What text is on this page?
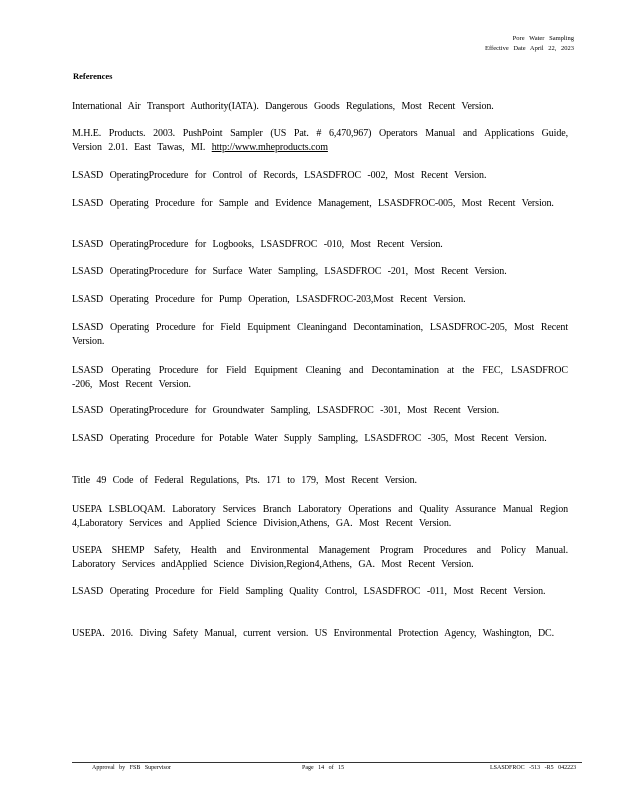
Pore Water Sampling
Effective Date April 22, 2023
References
International Air Transport Authority(IATA). Dangerous Goods Regulations, Most Recent Version.
M.H.E. Products. 2003. PushPoint Sampler (US Pat. # 6,470,967) Operators Manual and Applications Guide, Version 2.01. East Tawas, MI. http://www.mheproducts.com
LSASD OperatingProcedure for Control of Records, LSASDFROC -002, Most Recent Version.
LSASD Operating Procedure for Sample and Evidence Management, LSASDFROC-005, Most Recent Version.
LSASD OperatingProcedure for Logbooks, LSASDFROC -010, Most Recent Version.
LSASD OperatingProcedure for Surface Water Sampling, LSASDFROC -201, Most Recent Version.
LSASD Operating Procedure for Pump Operation, LSASDFROC-203,Most Recent Version.
LSASD Operating Procedure for Field Equipment Cleaningand Decontamination, LSASDFROC-205, Most Recent Version.
LSASD Operating Procedure for Field Equipment Cleaning and Decontamination at the FEC, LSASDFROC -206, Most Recent Version.
LSASD OperatingProcedure for Groundwater Sampling, LSASDFROC -301, Most Recent Version.
LSASD Operating Procedure for Potable Water Supply Sampling, LSASDFROC -305, Most Recent Version.
Title 49 Code of Federal Regulations, Pts. 171 to 179, Most Recent Version.
USEPA LSBLOQAM. Laboratory Services Branch Laboratory Operations and Quality Assurance Manual Region 4,Laboratory Services and Applied Science Division,Athens, GA. Most Recent Version.
USEPA SHEMP Safety, Health and Environmental Management Program Procedures and Policy Manual. Laboratory Services andApplied Science Division,Region4,Athens, GA. Most Recent Version.
LSASD Operating Procedure for Field Sampling Quality Control, LSASDFROC -011, Most Recent Version.
USEPA. 2016. Diving Safety Manual, current version. US Environmental Protection Agency, Washington, DC.
Approval by FSB Supervisor	Page 14 of 15	LSASDFROC -513 -R5 042223
